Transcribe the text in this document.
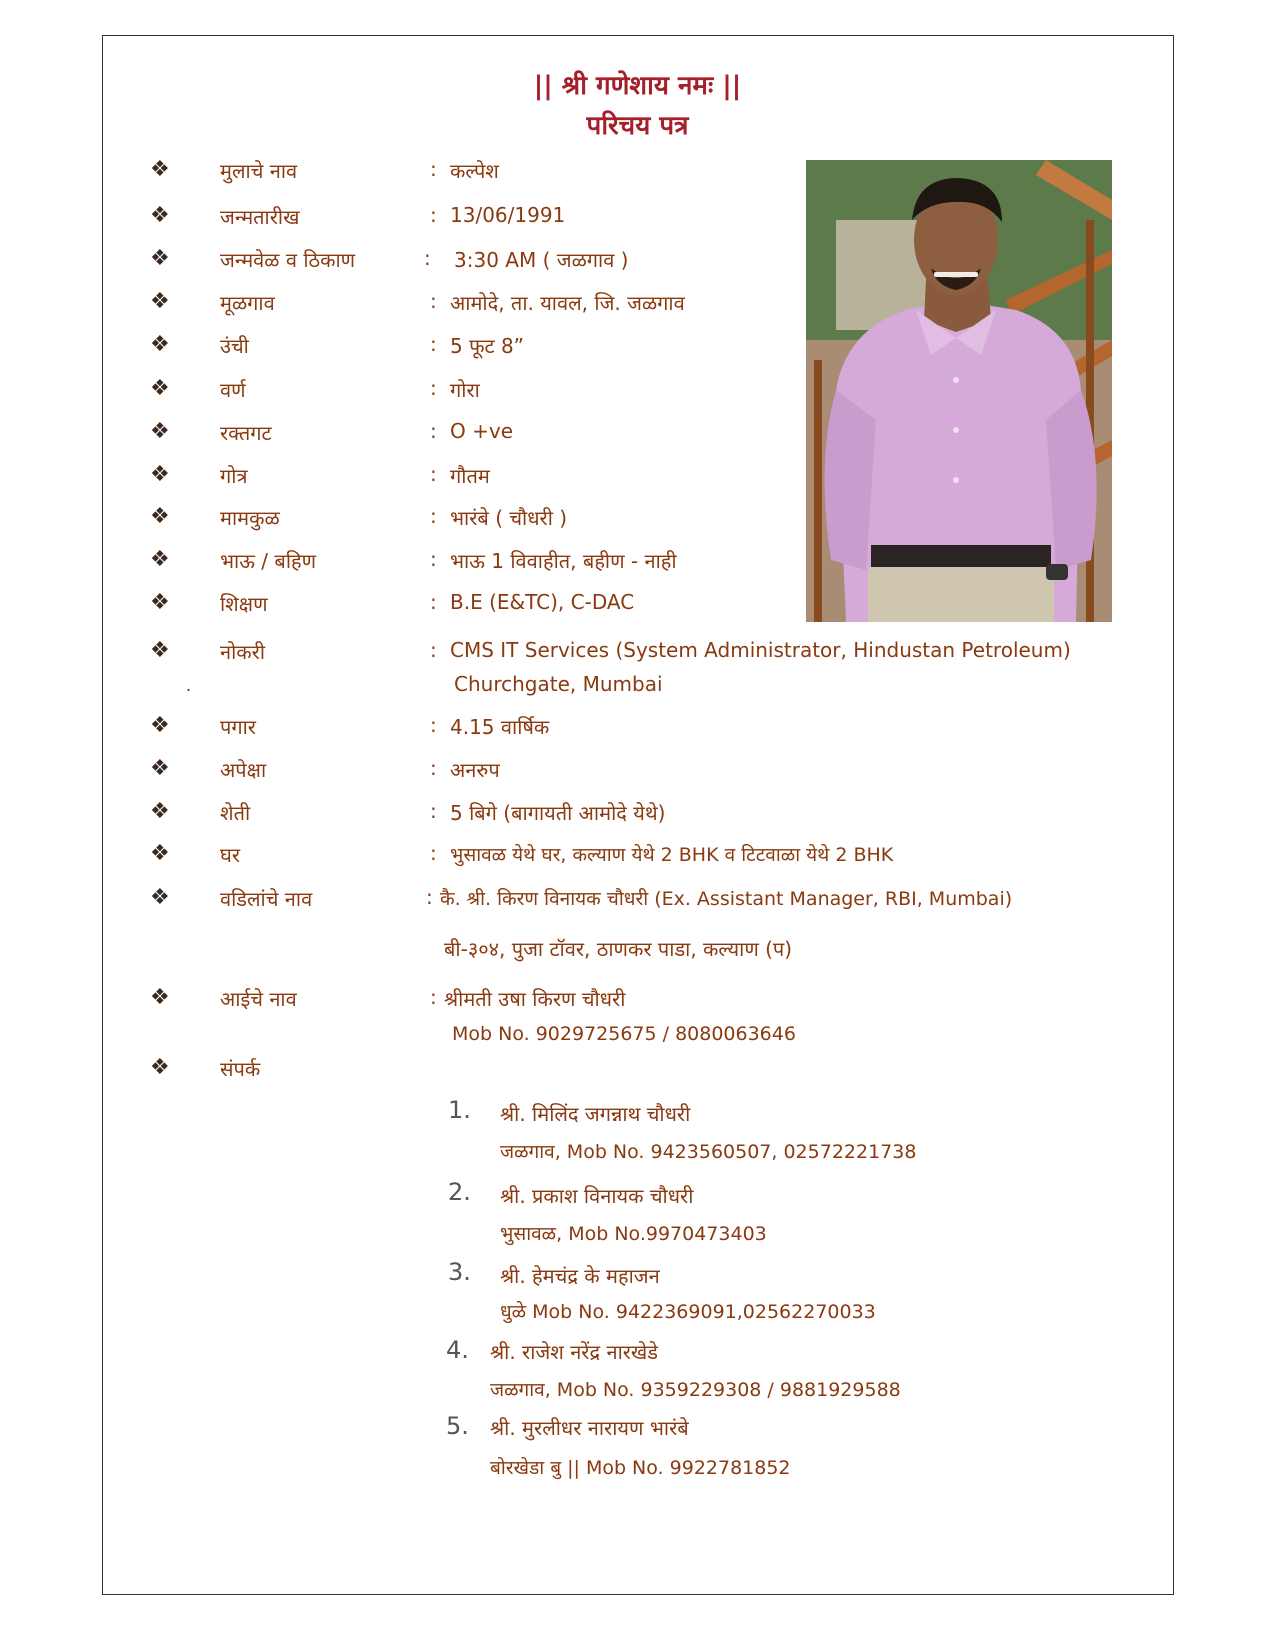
|| श्री गणेशाय नमः ||
परिचय पत्र
❖	मुलाचे नाव	: कल्पेश
❖	जन्मतारीख	: 13/06/1991
❖	जन्मवेळ व ठिकाण	: 3:30 AM ( जळगाव )
❖	मूळगाव	: आमोदे, ता. यावल, जि. जळगाव
❖	उंची	: 5 फूट 8”
❖	वर्ण	: गोरा
❖	रक्तगट	: O +ve
❖	गोत्र	: गौतम
❖	मामकुळ	: भारंबे ( चौधरी )
❖	भाऊ / बहिण	: भाऊ 1 विवाहीत, बहीण - नाही
❖	शिक्षण	: B.E (E&TC), C-DAC
❖	नोकरी	: CMS IT Services (System Administrator, Hindustan Petroleum)
Churchgate, Mumbai
.
❖	पगार	: 4.15 वार्षिक
❖	अपेक्षा	: अनरुप
❖	शेती	: 5 बिगे (बागायती आमोदे येथे)
❖	घर	: भुसावळ येथे घर, कल्याण येथे 2 BHK व टिटवाळा येथे 2 BHK
❖	वडिलांचे नाव	: कै. श्री. किरण विनायक चौधरी (Ex. Assistant Manager, RBI, Mumbai)
बी-३०४, पुजा टॉवर, ठाणकर पाडा, कल्याण (प)
❖	आईचे नाव	: श्रीमती उषा किरण चौधरी
Mob No. 9029725675 / 8080063646
❖	संपर्क
1. श्री. मिलिंद जगन्नाथ चौधरी
जळगाव, Mob No. 9423560507, 02572221738
2. श्री. प्रकाश विनायक चौधरी
भुसावळ, Mob No.9970473403
3. श्री. हेमचंद्र के महाजन
धुळे Mob No. 9422369091,02562270033
4. श्री. राजेश नरेंद्र नारखेडे
जळगाव, Mob No. 9359229308 / 9881929588
5. श्री. मुरलीधर नारायण भारंबे
बोरखेडा बु || Mob No. 9922781852
